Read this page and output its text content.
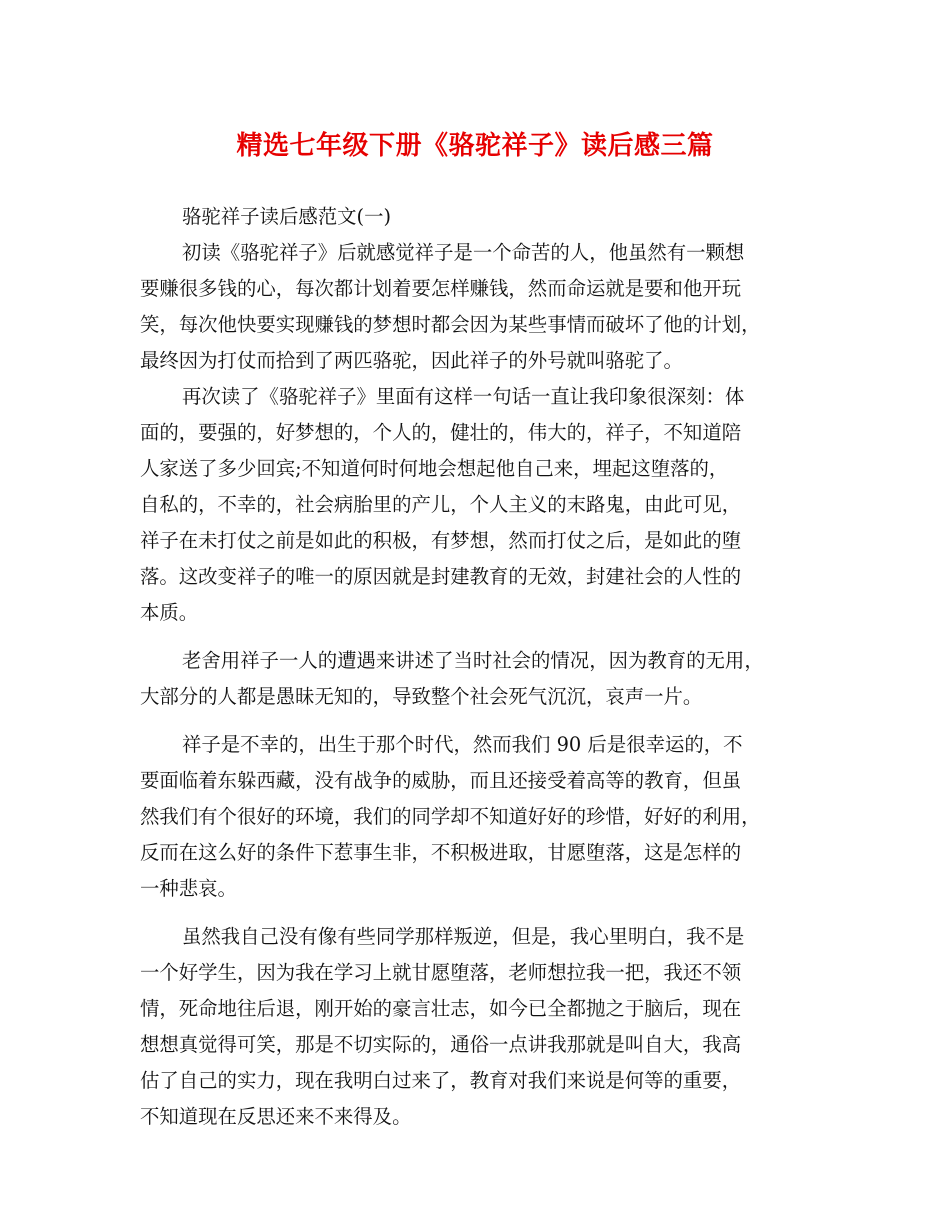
精选七年级下册《骆驼祥子》读后感三篇
骆驼祥子读后感范文(一)
初读《骆驼祥子》后就感觉祥子是一个命苦的人，他虽然有一颗想
要赚很多钱的心，每次都计划着要怎样赚钱，然而命运就是要和他开玩
笑，每次他快要实现赚钱的梦想时都会因为某些事情而破坏了他的计划，
最终因为打仗而拾到了两匹骆驼，因此祥子的外号就叫骆驼了。
再次读了《骆驼祥子》里面有这样一句话一直让我印象很深刻：体
面的，要强的，好梦想的，个人的，健壮的，伟大的，祥子，不知道陪
人家送了多少回宾;不知道何时何地会想起他自己来，埋起这堕落的，
自私的，不幸的，社会病胎里的产儿，个人主义的末路鬼，由此可见，
祥子在未打仗之前是如此的积极，有梦想，然而打仗之后，是如此的堕
落。这改变祥子的唯一的原因就是封建教育的无效，封建社会的人性的
本质。
老舍用祥子一人的遭遇来讲述了当时社会的情况，因为教育的无用，
大部分的人都是愚昧无知的，导致整个社会死气沉沉，哀声一片。
祥子是不幸的，出生于那个时代，然而我们 90 后是很幸运的，不
要面临着东躲西藏，没有战争的威胁，而且还接受着高等的教育，但虽
然我们有个很好的环境，我们的同学却不知道好好的珍惜，好好的利用，
反而在这么好的条件下惹事生非，不积极进取，甘愿堕落，这是怎样的
一种悲哀。
虽然我自己没有像有些同学那样叛逆，但是，我心里明白，我不是
一个好学生，因为我在学习上就甘愿堕落，老师想拉我一把，我还不领
情，死命地往后退，刚开始的豪言壮志，如今已全都抛之于脑后，现在
想想真觉得可笑，那是不切实际的，通俗一点讲我那就是叫自大，我高
估了自己的实力，现在我明白过来了，教育对我们来说是何等的重要，
不知道现在反思还来不来得及。
